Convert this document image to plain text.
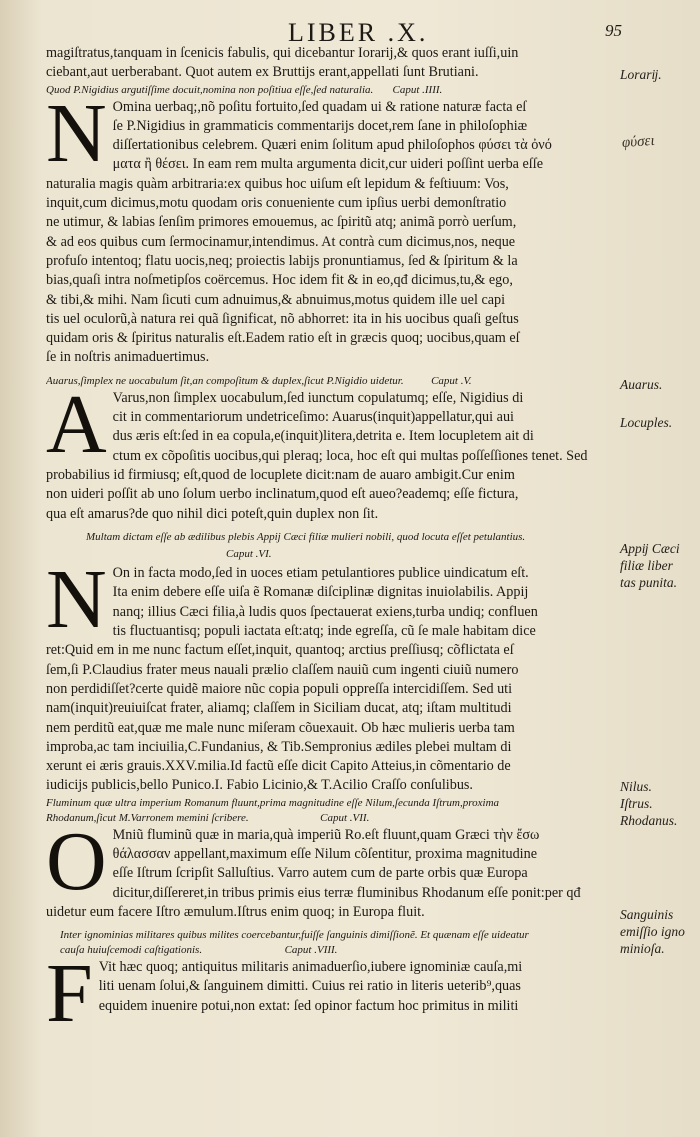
LIBER .X.	95

magiſtratus,tanquam in ſcenicis fabulis, qui dicebantur Iorarĳ,& quos erant iuſſi,uin
ciebant,aut uerberabant. Quot autem ex Bruttĳs erant,appellati ſunt Brutiani.

Quod P.Nigidius argutiſſime docuit,nomina non poſitiua eſſe,ſed naturalia. Caput .IIII.
N Omina uerbaq;,nõ poſitu fortuito,ſed quadam ui & ratione naturæ facta eſ
ſe P.Nigidius in grammaticis commentarĳs docet,rem ſane in philoſophiæ
diſſertationibus celebrem. Quæri enim ſolitum apud philoſophos φύσει τὰ ὀνό
ματα ἢ θέσει. In eam rem multa argumenta dicit,cur uideri poſſint uerba eſſe
naturalia magis quàm arbitraria:ex quibus hoc uiſum eſt lepidum & feſtiuum: Vos,
inquit,cum dicimus,motu quodam oris conueniente cum ipſius uerbi demonſtratio
ne utimur, & labias ſenſim primores emouemus, ac ſpiritũ atq; animã porrò uerſum,
& ad eos quibus cum ſermocinamur,intendimus. At contrà cum dicimus,nos, neque
profuſo intentoq; flatu uocis,neq; proiectis labĳs pronuntiamus, ſed & ſpiritum & la
bias,quaſi intra noſmetipſos coërcemus. Hoc idem fit & in eo,qđ dicimus,tu,& ego,
& tibi,& mihi. Nam ſicuti cum adnuimus,& abnuimus,motus quidem ille uel capi
tis uel oculorũ,à natura rei quã ſignificat, nõ abhorret: ita in his uocibus quaſi geſtus
quidam oris & ſpiritus naturalis eſt.Eadem ratio eſt in græcis quoq; uocibus,quam eſ
ſe in noſtris animaduertimus.

Auarus,ſimplex ne uocabulum ſit,an compoſitum & duplex,ſicut P.Nigidio uidetur.	Caput .V.
A Varus,non ſimplex uocabulum,ſed iunctum copulatumq; eſſe, Nigidius di
cit in commentariorum undetriceſimo: Auarus(inquit)appellatur,qui aui
dus æris eſt:ſed in ea copula,e(inquit)litera,detrita e. Item locupletem ait di
ctum ex cõpoſitis uocibus,qui pleraq; loca, hoc eſt qui multas poſſeſſiones tenet. Sed
probabilius id firmiusq; eſt,quod de locuplete dicit:nam de auaro ambigit.Cur enim
non uideri poſſit ab uno ſolum uerbo inclinatum,quod eſt aueo?eademq; eſſe fictura,
qua eſt amarus?de quo nihil dici poteſt,quin duplex non ſit.

Multam dictam eſſe ab ædilibus plebis Appij Cæci filiæ mulieri nobili, quod locuta eſſet petulantius.
Caput .VI.
N On in facta modo,ſed in uoces etiam petulantiores publice uindicatum eſt.
Ita enim debere eſſe uiſa ẽ Romanæ diſciplinæ dignitas inuiolabilis. Appĳ
nanq; illius Cæci filia,à ludis quos ſpectauerat exiens,turba undiq; confluen
tis fluctuantisq; populi iactata eſt:atq; inde egreſſa, cũ ſe male habitam dice
ret:Quid em in me nunc factum eſſet,inquit, quantoq; arctius preſſiusq; cõflictata eſ
ſem,ſi P.Claudius frater meus nauali prælio claſſem nauiũ cum ingenti ciuiũ numero
non perdidiſſet?certe quidẽ maiore nũc copia populi oppreſſa intercidiſſem. Sed uti
nam(inquit)reuiuiſcat frater, aliamq; claſſem in Siciliam ducat, atq; iſtam multitudi
nem perditũ eat,quæ me male nunc miſeram cõuexauit. Ob hæc mulieris uerba tam
improba,ac tam inciuilia,C.Fundanius, & Tib.Sempronius ædiles plebei multam di
xerunt ei æris grauis.XXV.milia.Id factũ eſſe dicit Capito Atteius,in cõmentario de
iudicĳs publicis,bello Punico.I. Fabio Licinio,& T.Acilio Craſſo conſulibus.

Fluminum quæ ultra imperium Romanum fluunt,prima magnitudine eſſe Nilum,ſecunda Iſtrum,proxima
Rhodanum,ſicut M.Varronem memini ſcribere.	Caput .VII.
O Mniũ fluminũ quæ in maria,quà imperiũ Ro.eſt fluunt,quam Græci τὴν ἔσω
θάλασσαν appellant,maximum eſſe Nilum cõſentitur, proxima magnitudine
eſſe Iſtrum ſcripſit Salluſtius. Varro autem cum de parte orbis quæ Europa
dicitur,diſſereret,in tribus primis eius terræ fluminibus Rhodanum eſſe ponit:per qđ
uidetur eum facere Iſtro æmulum.Iſtrus enim quoq; in Europa fluit.

Inter ignominias militares quibus milites coercebantur,fuiſſe ſanguinis dimiſſionẽ. Et quænam eſſe uideatur
cauſa huiuſcemodi caſtigationis.	Caput .VIII.
F Vit hæc quoq; antiquitus militaris animaduerſio,iubere ignominiæ cauſa,mi
liti uenam ſolui,& ſanguinem dimitti. Cuius rei ratio in literis ueterib⁹,quas
equidem inuenire potui,non extat: ſed opinor factum hoc primitus in militi

Lorarĳ.
φύσει
Auarus.
Locuples.
Appĳ Cæci
filiæ liber
tas punita.
Nilus.
Iſtrus.
Rhodanus.
Sanguinis
emiſſio igno
minioſa.
